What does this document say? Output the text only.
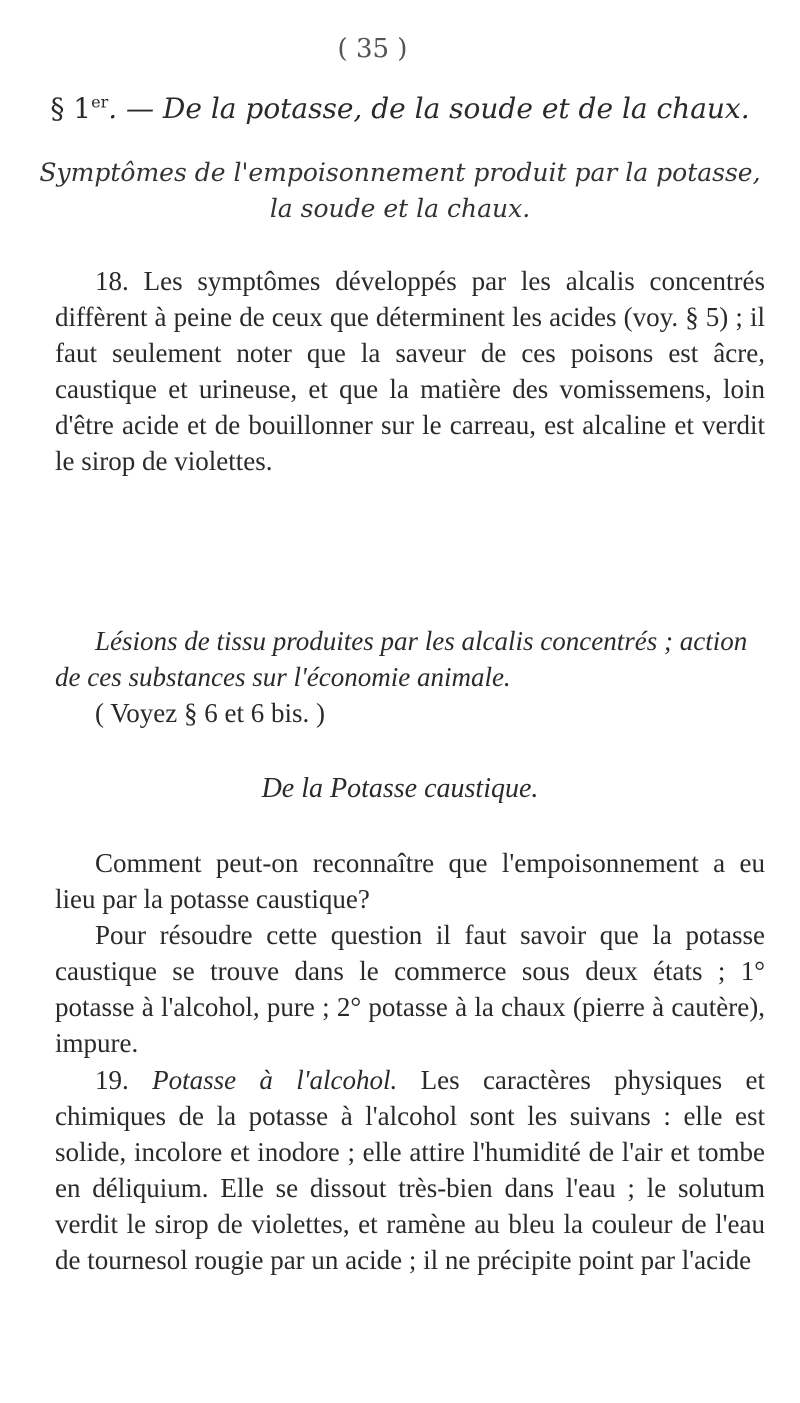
( 35 )
§ 1er. — De la potasse, de la soude et de la chaux.
Symptômes de l'empoisonnement produit par la potasse,
la soude et la chaux.
18. Les symptômes développés par les alcalis concentrés diffèrent à peine de ceux que déterminent les acides (voy. § 5) ; il faut seulement noter que la saveur de ces poisons est âcre, caustique et urineuse, et que la matière des vomissemens, loin d'être acide et de bouillonner sur le carreau, est alcaline et verdit le sirop de violettes.
Lésions de tissu produites par les alcalis concentrés ; action de ces substances sur l'économie animale.
( Voyez § 6 et 6 bis. )
De la Potasse caustique.
Comment peut-on reconnaître que l'empoisonnement a eu lieu par la potasse caustique?
Pour résoudre cette question il faut savoir que la potasse caustique se trouve dans le commerce sous deux états ; 1° potasse à l'alcohol, pure ; 2° potasse à la chaux (pierre à cautère), impure.
19. Potasse à l'alcohol. Les caractères physiques et chimiques de la potasse à l'alcohol sont les suivans : elle est solide, incolore et inodore ; elle attire l'humidité de l'air et tombe en déliquium. Elle se dissout très-bien dans l'eau ; le solutum verdit le sirop de violettes, et ramène au bleu la couleur de l'eau de tournesol rougie par un acide ; il ne précipite point par l'acide
